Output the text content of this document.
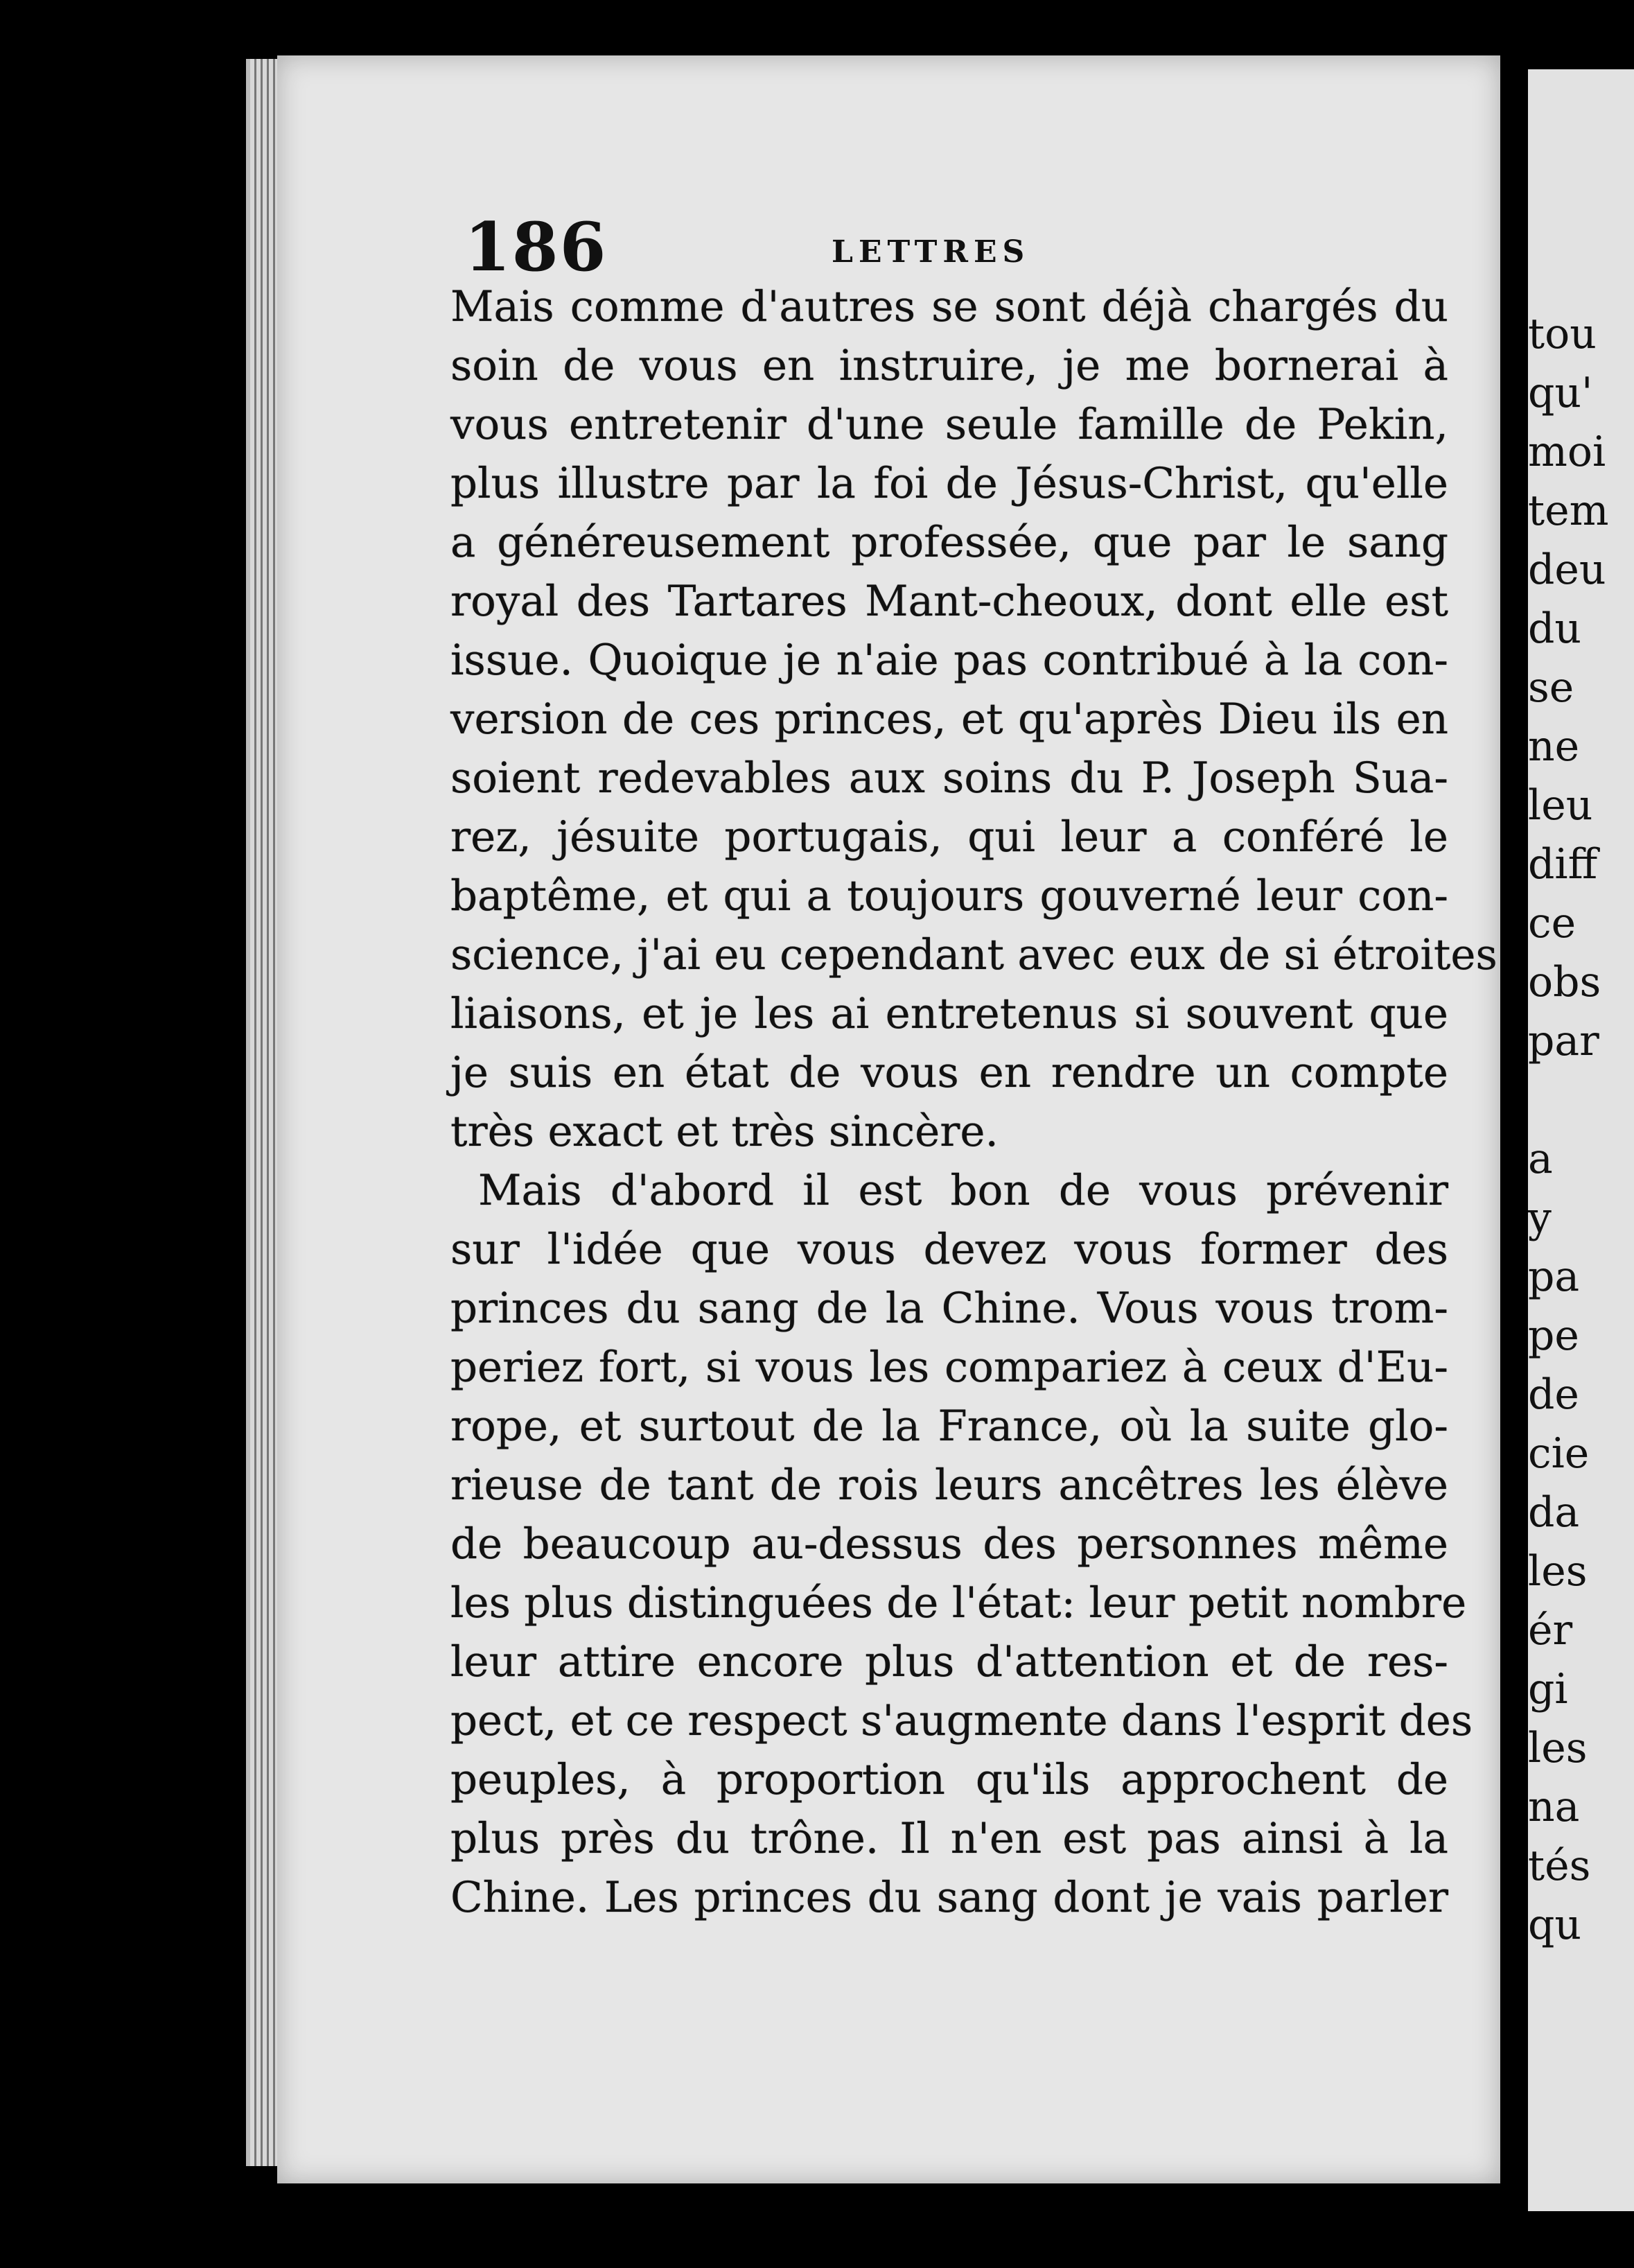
186	LETTRES
Mais comme d'autres se sont déjà chargés du
soin de vous en instruire, je me bornerai à
vous entretenir d'une seule famille de Pekin,
plus illustre par la foi de Jésus-Christ, qu'elle
a généreusement professée, que par le sang
royal des Tartares Mant-cheoux, dont elle est
issue. Quoique je n'aie pas contribué à la con-
version de ces princes, et qu'après Dieu ils en
soient redevables aux soins du P. Joseph Sua-
rez, jésuite portugais, qui leur a conféré le
baptême, et qui a toujours gouverné leur con-
science, j'ai eu cependant avec eux de si étroites
liaisons, et je les ai entretenus si souvent que
je suis en état de vous en rendre un compte
très exact et très sincère.
Mais d'abord il est bon de vous prévenir
sur l'idée que vous devez vous former des
princes du sang de la Chine. Vous vous trom-
periez fort, si vous les compariez à ceux d'Eu-
rope, et surtout de la France, où la suite glo-
rieuse de tant de rois leurs ancêtres les élève
de beaucoup au-dessus des personnes même
les plus distinguées de l'état: leur petit nombre
leur attire encore plus d'attention et de res-
pect, et ce respect s'augmente dans l'esprit des
peuples, à proportion qu'ils approchent de
plus près du trône. Il n'en est pas ainsi à la
Chine. Les princes du sang dont je vais parler
tou
qu'
moi
tem
deu
du
se
ne
leu
diff
ce
obs
par
a
y
pa
pe
de
cie
da
les
ér
gi
les
na
tés
qu
